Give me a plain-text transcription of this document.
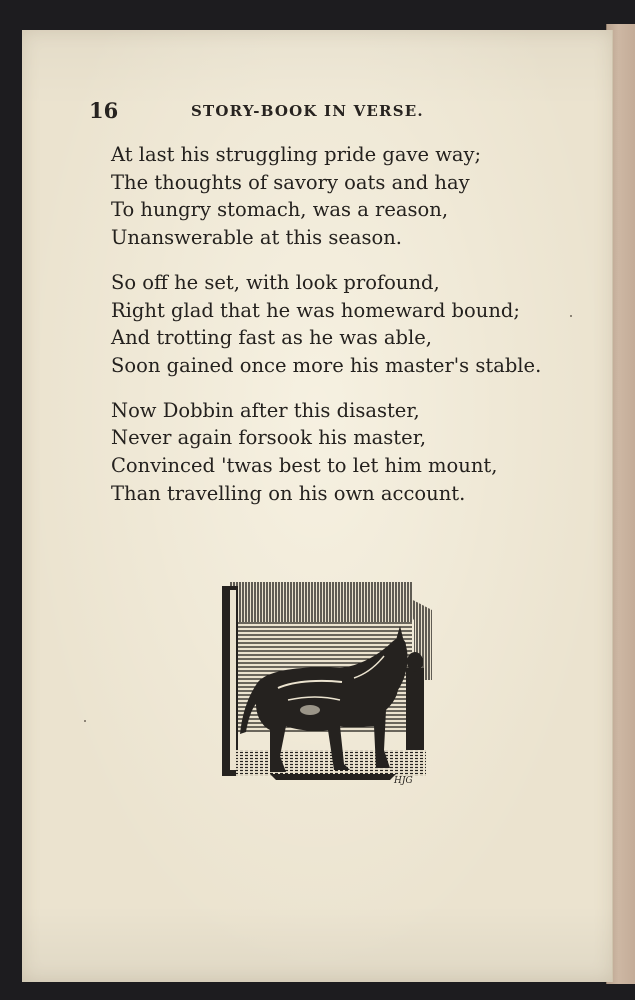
16	STORY-BOOK IN VERSE.
At last his struggling pride gave way;
The thoughts of savory oats and hay
To hungry stomach, was a reason,
Unanswerable at this season.
So off he set, with look profound,
Right glad that he was homeward bound;
And trotting fast as he was able,
Soon gained once more his master's stable.
Now Dobbin after this disaster,
Never again forsook his master,
Convinced 'twas best to let him mount,
Than travelling on his own account.
HJG
